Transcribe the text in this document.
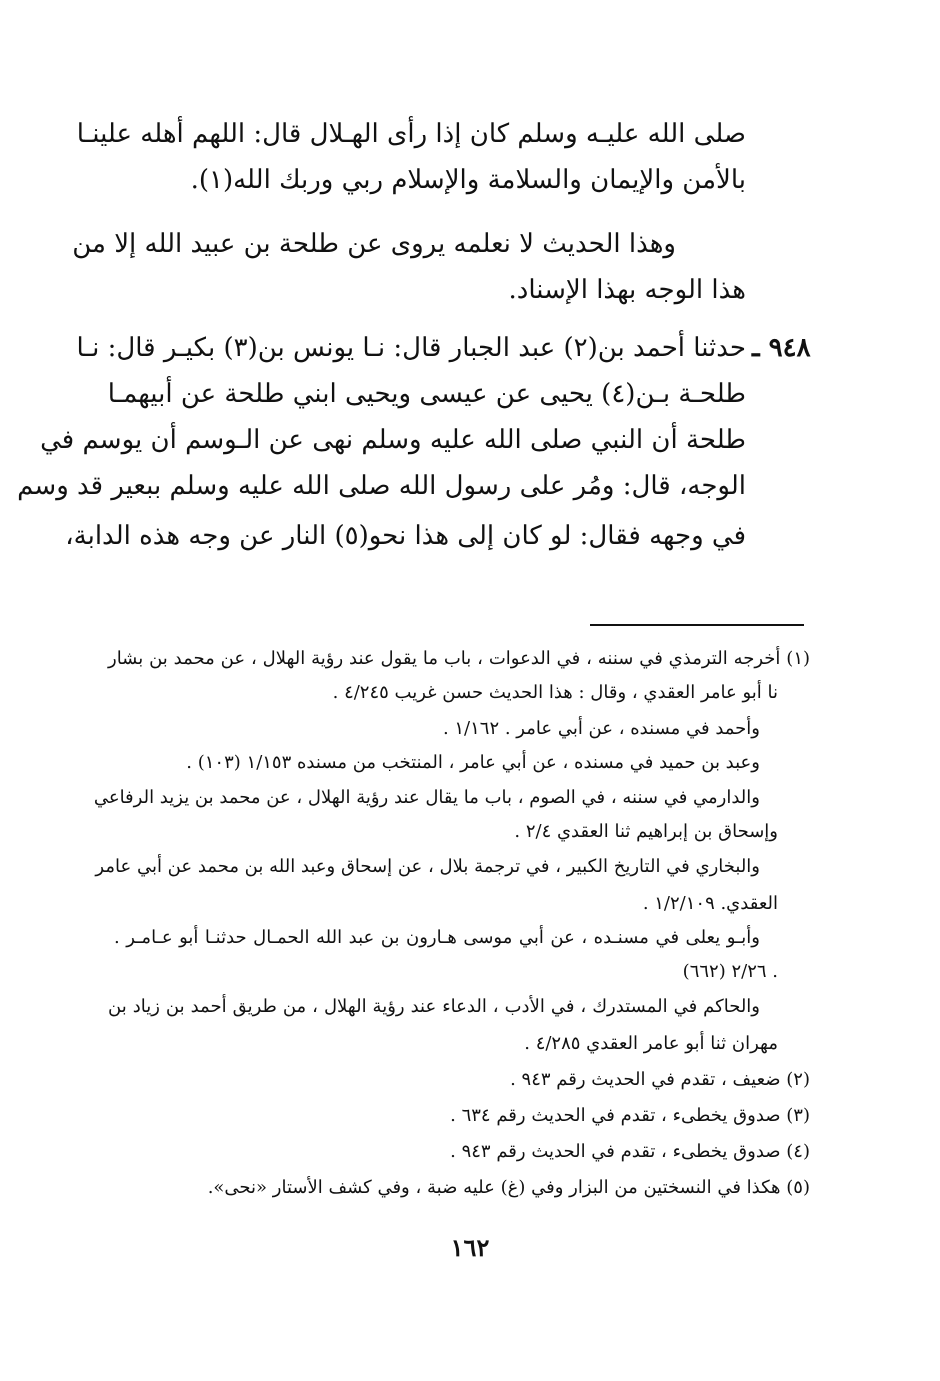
صلى الله عليـه وسلم كان إذا رأى الهـلال قال: اللهم أهله علينـا
بالأمن والإيمان والسلامة والإسلام ربي وربك الله(١).
وهذا الحديث لا نعلمه يروى عن طلحة بن عبيد الله إلا من
هذا الوجه بهذا الإسناد.
٩٤٨ ـ
حدثنا أحمد بن(٢) عبد الجبار قال: نـا يونس بن(٣) بكيـر قال: نـا
طلحـة بـن(٤) يحيى عن عيسى ويحيى ابني طلحة عن أبيهمـا
طلحة أن النبي صلى الله عليه وسلم نهى عن الـوسم أن يوسم في
الوجه، قال: ومُر على رسول الله صلى الله عليه وسلم ببعير قد وسم
في وجهه فقال: لو كان إلى هذا نحو(٥) النار عن وجه هذه الدابة،
(١) أخرجه الترمذي في سننه ، في الدعوات ، باب ما يقول عند رؤية الهلال ، عن محمد بن بشار
نا أبو عامر العقدي ، وقال : هذا الحديث حسن غريب ٤/٢٤٥ .
وأحمد في مسنده ، عن أبي عامر . ١/١٦٢ .
وعبد بن حميد في مسنده ، عن أبي عامر ، المنتخب من مسنده ١/١٥٣ (١٠٣) .
والدارمي في سننه ، في الصوم ، باب ما يقال عند رؤية الهلال ، عن محمد بن يزيد الرفاعي
وإسحاق بن إبراهيم ثنا العقدي ٢/٤ .
والبخاري في التاريخ الكبير ، في ترجمة بلال ، عن إسحاق وعبد الله بن محمد عن أبي عامر
العقدي. ١/٢/١٠٩ .
وأبـو يعلى في مسنـده ، عن أبي موسى هـارون بن عبد الله الحمـال حدثنـا أبو عـامـر .
٢/٢٦ (٦٦٢) .
والحاكم في المستدرك ، في الأدب ، الدعاء عند رؤية الهلال ، من طريق أحمد بن زياد بن
مهران ثنا أبو عامر العقدي ٤/٢٨٥ .
(٢) ضعيف ، تقدم في الحديث رقم ٩٤٣ .
(٣) صدوق يخطىء ، تقدم في الحديث رقم ٦٣٤ .
(٤) صدوق يخطىء ، تقدم في الحديث رقم ٩٤٣ .
(٥) هكذا في النسختين من البزار وفي (غ) عليه ضبة ، وفي كشف الأستار «نحى».
١٦٢
